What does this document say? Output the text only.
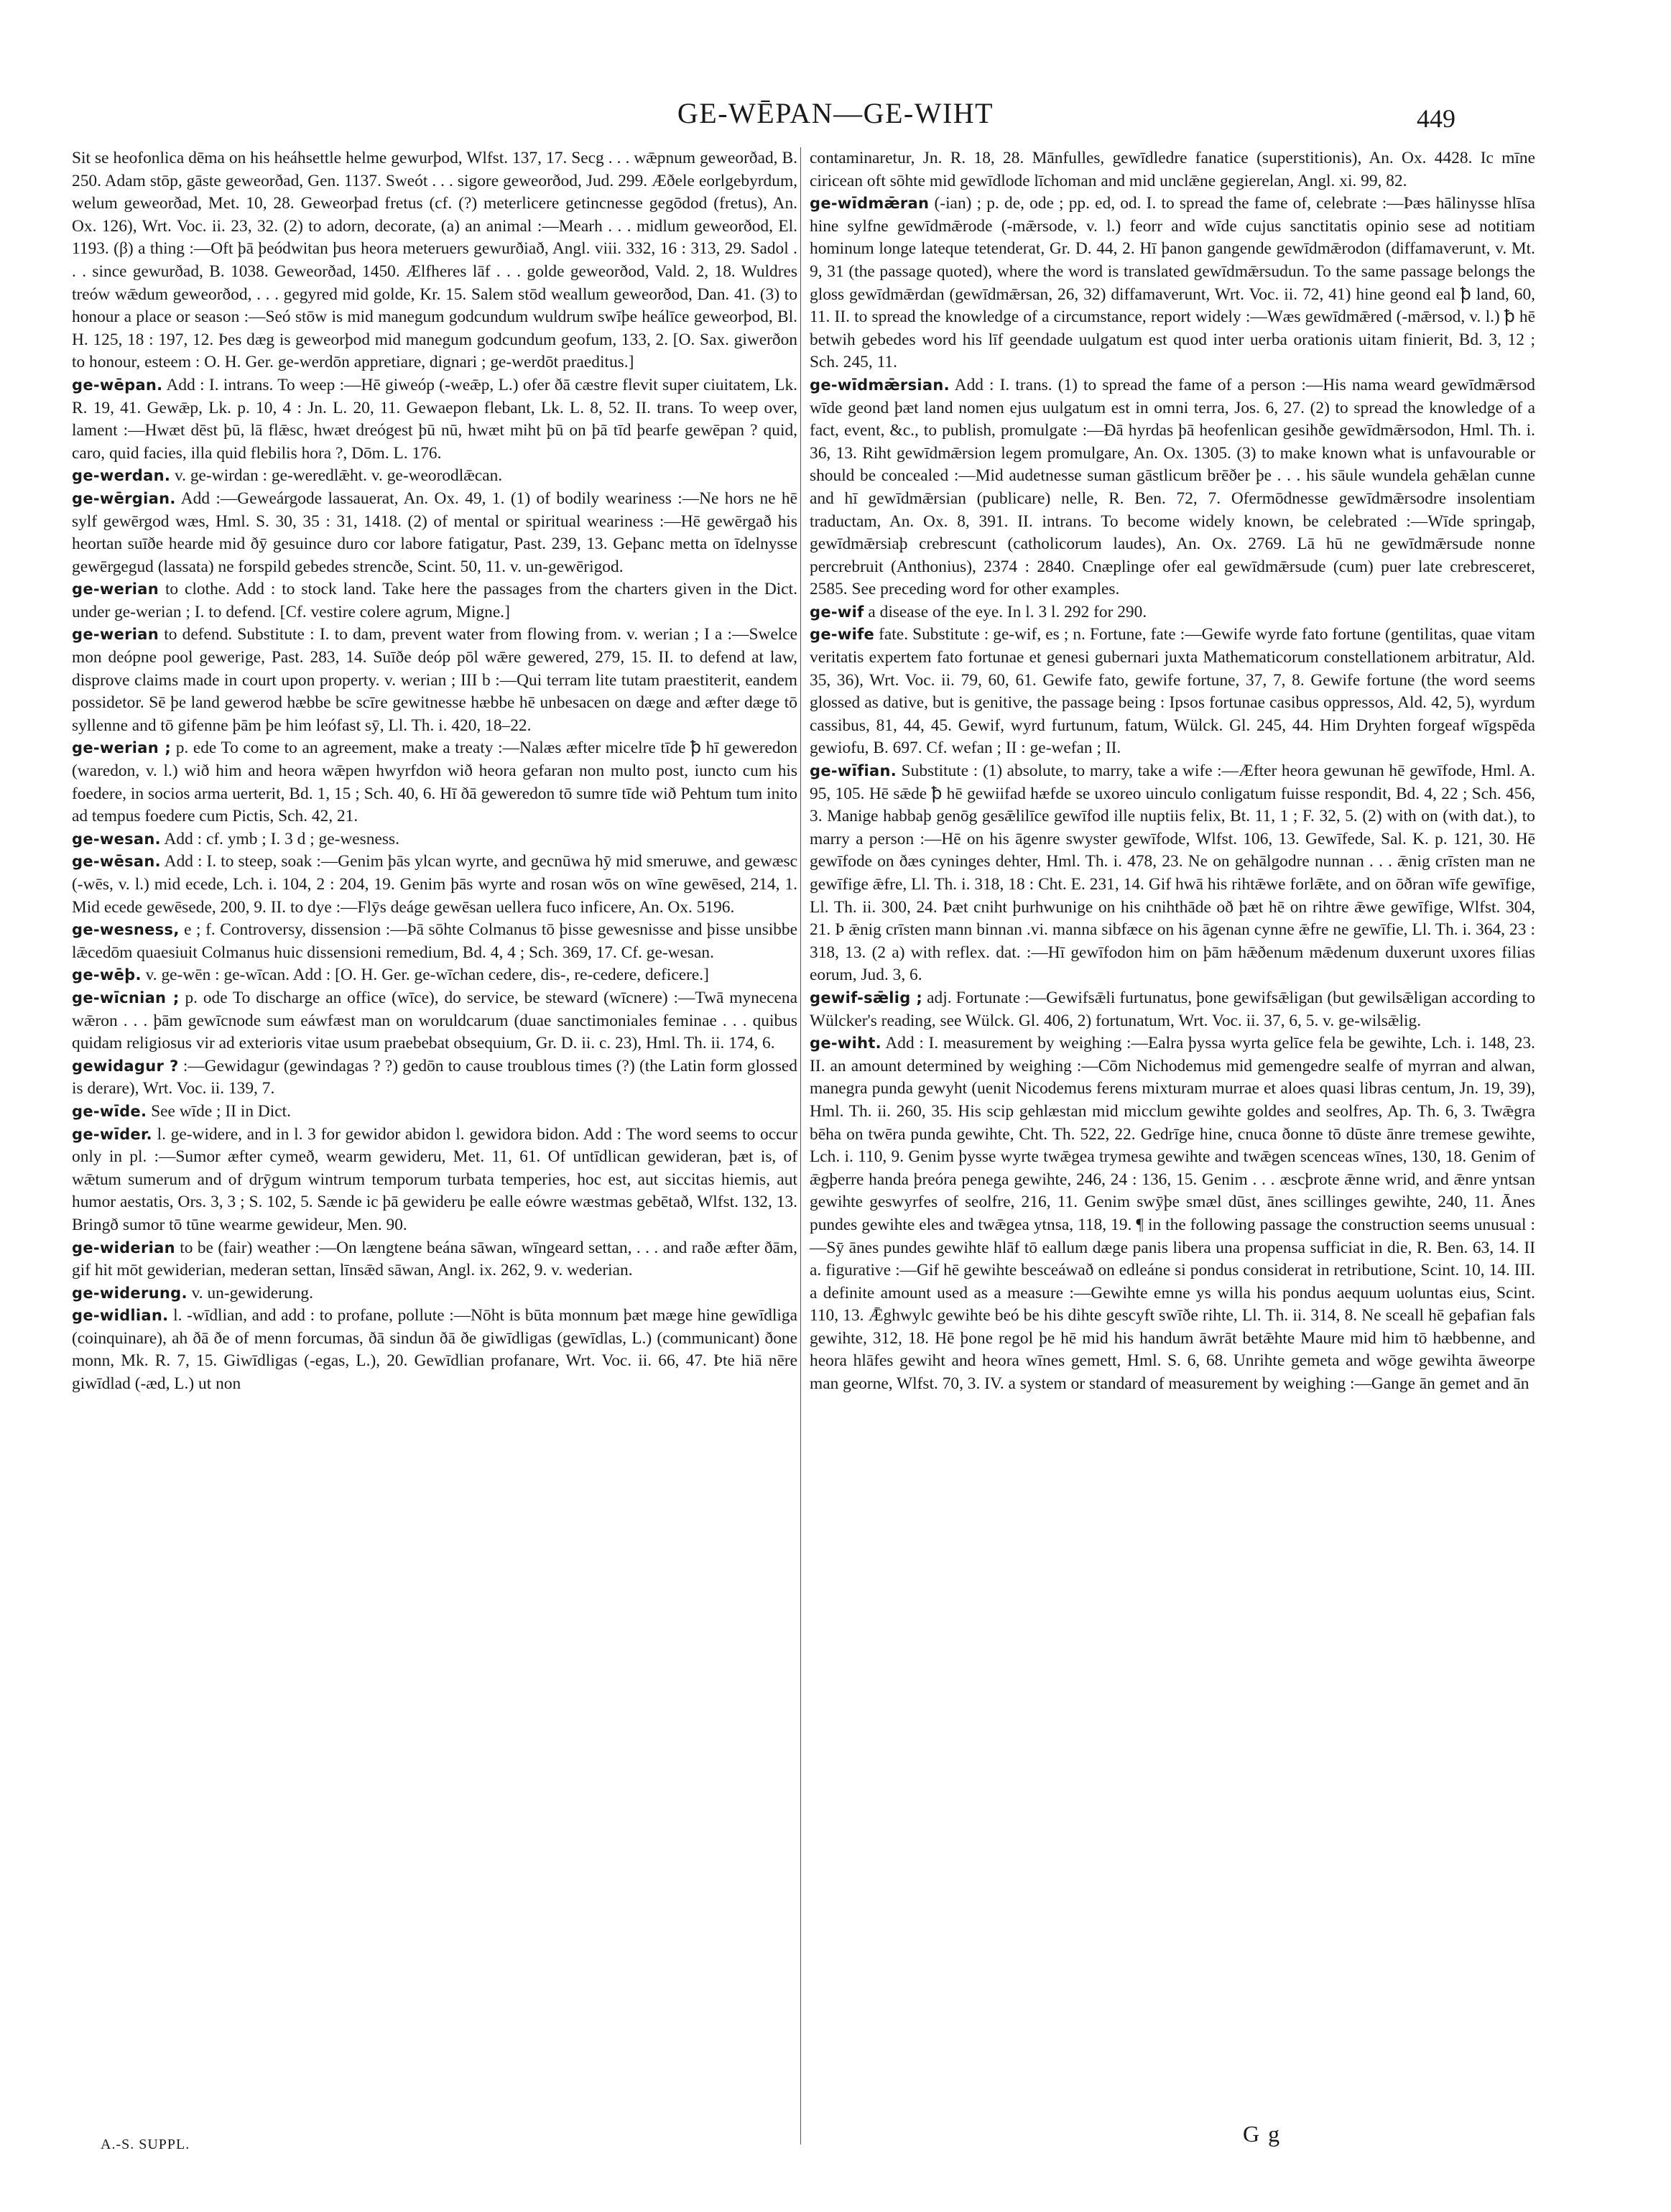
GE-WĒPAN—GE-WIHT	449

Sit se heofonlica dēma on his heáhsettle helme gewurþod, Wlfst. 137, 17. Secg . . . wǣpnum geweorðad, B. 250. Adam stōp, gāste geweorðad, Gen. 1137. Sweót . . . sigore geweorðod, Jud. 299. Æðele eorlgebyrdum, welum geweorðad, Met. 10, 28. Geweorþad fretus (cf. (?) meterlicere getincnesse gegōdod (fretus), An. Ox. 126), Wrt. Voc. ii. 23, 32. (2) to adorn, decorate, (a) an animal :—Mearh . . . midlum geweorðod, El. 1193. (β) a thing :—Oft þā þeódwitan þus heora meteruers gewurðiað, Angl. viii. 332, 16 : 313, 29. Sadol . . . since gewurðad, B. 1038. Geweorðad, 1450. Ælfheres lāf . . . golde geweorðod, Vald. 2, 18. Wuldres treów wǣdum geweorðod, . . . gegyred mid golde, Kr. 15. Salem stōd weallum geweorðod, Dan. 41. (3) to honour a place or season :—Seó stōw is mid manegum godcundum wuldrum swīþe heálīce geweorþod, Bl. H. 125, 18 : 197, 12. Þes dæg is geweorþod mid manegum godcundum geofum, 133, 2. [O. Sax. giwerðon to honour, esteem : O. H. Ger. ge-werdōn appretiare, dignari ; ge-werdōt praeditus.]

ge-wēpan. Add : I. intrans. To weep :—Hē giweóp (-weǣp, L.) ofer ðā cæstre flevit super ciuitatem, Lk. R. 19, 41. Gewǣp, Lk. p. 10, 4 : Jn. L. 20, 11. Gewaepon flebant, Lk. L. 8, 52. II. trans. To weep over, lament :—Hwæt dēst þū, lā flǣsc, hwæt dreógest þū nū, hwæt miht þū on þā tīd þearfe gewēpan ? quid, caro, quid facies, illa quid flebilis hora ?, Dōm. L. 176.

ge-werdan. v. ge-wirdan : ge-weredlǣht. v. ge-weorodlǣcan.

ge-wērgian. Add :—Geweárgode lassauerat, An. Ox. 49, 1. (1) of bodily weariness :—Ne hors ne hē sylf gewērgod wæs, Hml. S. 30, 35 : 31, 1418. (2) of mental or spiritual weariness :—Hē gewērgað his heortan suīðe hearde mid ðȳ gesuince duro cor labore fatigatur, Past. 239, 13. Geþanc metta on īdelnysse gewērgegud (lassata) ne forspild gebedes strencðe, Scint. 50, 11. v. un-gewērigod.

ge-werian to clothe. Add : to stock land. Take here the passages from the charters given in the Dict. under ge-werian ; I. to defend. [Cf. vestire colere agrum, Migne.]

ge-werian to defend. Substitute : I. to dam, prevent water from flowing from. v. werian ; I a :—Swelce mon deópne pool gewerige, Past. 283, 14. Suīðe deóp pōl wǣre gewered, 279, 15. II. to defend at law, disprove claims made in court upon property. v. werian ; III b :—Qui terram lite tutam praestiterit, eandem possidetor. Sē þe land gewerod hæbbe be scīre gewitnesse hæbbe hē unbesacen on dæge and æfter dæge tō syllenne and tō gifenne þām þe him leófast sȳ, Ll. Th. i. 420, 18–22.

ge-werian ; p. ede To come to an agreement, make a treaty :—Nalæs æfter micelre tīde ꝥ hī geweredon (waredon, v. l.) wið him and heora wǣpen hwyrfdon wið heora gefaran non multo post, iuncto cum his foedere, in socios arma uerterit, Bd. 1, 15 ; Sch. 40, 6. Hī ðā geweredon tō sumre tīde wið Pehtum tum inito ad tempus foedere cum Pictis, Sch. 42, 21.

ge-wesan. Add : cf. ymb ; I. 3 d ; ge-wesness.

ge-wēsan. Add : I. to steep, soak :—Genim þās ylcan wyrte, and gecnūwa hȳ mid smeruwe, and gewæsc (-wēs, v. l.) mid ecede, Lch. i. 104, 2 : 204, 19. Genim þās wyrte and rosan wōs on wīne gewēsed, 214, 1. Mid ecede gewēsede, 200, 9. II. to dye :—Flȳs deáge gewēsan uellera fuco inficere, An. Ox. 5196.

ge-wesness, e ; f. Controversy, dissension :—Þā sōhte Colmanus tō þisse gewesnisse and þisse unsibbe lǣcedōm quaesiuit Colmanus huic dissensioni remedium, Bd. 4, 4 ; Sch. 369, 17. Cf. ge-wesan.

ge-wēþ. v. ge-wēn : ge-wīcan. Add : [O. H. Ger. ge-wīchan cedere, dis-, re-cedere, deficere.]

ge-wīcnian ; p. ode To discharge an office (wīce), do service, be steward (wīcnere) :—Twā mynecena wǣron . . . þām gewīcnode sum eáwfæst man on woruldcarum (duae sanctimoniales feminae . . . quibus quidam religiosus vir ad exterioris vitae usum praebebat obsequium, Gr. D. ii. c. 23), Hml. Th. ii. 174, 6.

gewidagur ? :—Gewidagur (gewindagas ? ?) gedōn to cause troublous times (?) (the Latin form glossed is derare), Wrt. Voc. ii. 139, 7.

ge-wīde. See wīde ; II in Dict.

ge-wīder. l. ge-widere, and in l. 3 for gewidor abidon l. gewidora bidon. Add : The word seems to occur only in pl. :—Sumor æfter cymeð, wearm gewideru, Met. 11, 61. Of untīdlican gewideran, þæt is, of wǣtum sumerum and of drȳgum wintrum temporum turbata temperies, hoc est, aut siccitas hiemis, aut humor aestatis, Ors. 3, 3 ; S. 102, 5. Sænde ic þā gewideru þe ealle eówre wæstmas gebētað, Wlfst. 132, 13. Bringð sumor tō tūne wearme gewideur, Men. 90.

ge-widerian to be (fair) weather :—On længtene beána sāwan, wīngeard settan, . . . and raðe æfter ðām, gif hit mōt gewiderian, mederan settan, līnsǣd sāwan, Angl. ix. 262, 9. v. wederian.

ge-widerung. v. un-gewiderung.

ge-widlian. l. -wīdlian, and add : to profane, pollute :—Nōht is būta monnum þæt mæge hine gewīdliga (coinquinare), ah ðā ðe of menn forcumas, ðā sindun ðā ðe giwīdligas (gewīdlas, L.) (communicant) ðone monn, Mk. R. 7, 15. Giwīdligas (-egas, L.), 20. Gewīdlian profanare, Wrt. Voc. ii. 66, 47. Þte hiā nēre giwīdlad (-æd, L.) ut non

contaminaretur, Jn. R. 18, 28. Mānfulles, gewīdledre fanatice (superstitionis), An. Ox. 4428. Ic mīne ciricean oft sōhte mid gewīdlode līchoman and mid unclǣne gegierelan, Angl. xi. 99, 82.

ge-wīdmǣran (-ian) ; p. de, ode ; pp. ed, od. I. to spread the fame of, celebrate :—Þæs hālinysse hlīsa hine sylfne gewīdmǣrode (-mǣrsode, v. l.) feorr and wīde cujus sanctitatis opinio sese ad notitiam hominum longe lateque tetenderat, Gr. D. 44, 2. Hī þanon gangende gewīdmǣrodon (diffamaverunt, v. Mt. 9, 31 (the passage quoted), where the word is translated gewīdmǣrsudun. To the same passage belongs the gloss gewīdmǣrdan (gewīdmǣrsan, 26, 32) diffamaverunt, Wrt. Voc. ii. 72, 41) hine geond eal ꝥ land, 60, 11. II. to spread the knowledge of a circumstance, report widely :—Wæs gewīdmǣred (-mǣrsod, v. l.) ꝥ hē betwih gebedes word his līf geendade uulgatum est quod inter uerba orationis uitam finierit, Bd. 3, 12 ; Sch. 245, 11.

ge-wīdmǣrsian. Add : I. trans. (1) to spread the fame of a person :—His nama weard gewīdmǣrsod wīde geond þæt land nomen ejus uulgatum est in omni terra, Jos. 6, 27. (2) to spread the knowledge of a fact, event, &c., to publish, promulgate :—Ðā hyrdas þā heofenlican gesihðe gewīdmǣrsodon, Hml. Th. i. 36, 13. Riht gewīdmǣrsion legem promulgare, An. Ox. 1305. (3) to make known what is unfavourable or should be concealed :—Mid audetnesse suman gāstlicum brēðer þe . . . his sāule wundela gehǣlan cunne and hī gewīdmǣrsian (publicare) nelle, R. Ben. 72, 7. Ofermōdnesse gewīdmǣrsodre insolentiam traductam, An. Ox. 8, 391. II. intrans. To become widely known, be celebrated :—Wīde springaþ, gewīdmǣrsiaþ crebrescunt (catholicorum laudes), An. Ox. 2769. Lā hū ne gewīdmǣrsude nonne percrebruit (Anthonius), 2374 : 2840. Cnæplinge ofer eal gewīdmǣrsude (cum) puer late crebresceret, 2585. See preceding word for other examples.

ge-wif a disease of the eye. In l. 3 l. 292 for 290.

ge-wife fate. Substitute : ge-wif, es ; n. Fortune, fate :—Gewife wyrde fato fortune (gentilitas, quae vitam veritatis expertem fato fortunae et genesi gubernari juxta Mathematicorum constellationem arbitratur, Ald. 35, 36), Wrt. Voc. ii. 79, 60, 61. Gewife fato, gewife fortune, 37, 7, 8. Gewife fortune (the word seems glossed as dative, but is genitive, the passage being : Ipsos fortunae casibus oppressos, Ald. 42, 5), wyrdum cassibus, 81, 44, 45. Gewif, wyrd furtunum, fatum, Wülck. Gl. 245, 44. Him Dryhten forgeaf wīgspēda gewiofu, B. 697. Cf. wefan ; II : ge-wefan ; II.

ge-wīfian. Substitute : (1) absolute, to marry, take a wife :—Æfter heora gewunan hē gewīfode, Hml. A. 95, 105. Hē sǣde ꝥ hē gewiifad hæfde se uxoreo uinculo conligatum fuisse respondit, Bd. 4, 22 ; Sch. 456, 3. Manige habbaþ genōg gesǣlilīce gewīfod ille nuptiis felix, Bt. 11, 1 ; F. 32, 5. (2) with on (with dat.), to marry a person :—Hē on his āgenre swyster gewīfode, Wlfst. 106, 13. Gewīfede, Sal. K. p. 121, 30. Hē gewīfode on ðæs cyninges dehter, Hml. Th. i. 478, 23. Ne on gehālgodre nunnan . . . ǣnig crīsten man ne gewīfige ǣfre, Ll. Th. i. 318, 18 : Cht. E. 231, 14. Gif hwā his rihtǣwe forlǣte, and on ōðran wīfe gewīfige, Ll. Th. ii. 300, 24. Þæt cniht þurhwunige on his cnihthāde oð þæt hē on rihtre ǣwe gewīfige, Wlfst. 304, 21. Þ ǣnig crīsten mann binnan .vi. manna sibfæce on his āgenan cynne ǣfre ne gewīfie, Ll. Th. i. 364, 23 : 318, 13. (2 a) with reflex. dat. :—Hī gewīfodon him on þām hǣðenum mǣdenum duxerunt uxores filias eorum, Jud. 3, 6.

gewif-sǣlig ; adj. Fortunate :—Gewifsǣli furtunatus, þone gewifsǣligan (but gewilsǣligan according to Wülcker's reading, see Wülck. Gl. 406, 2) fortunatum, Wrt. Voc. ii. 37, 6, 5. v. ge-wilsǣlig.

ge-wiht. Add : I. measurement by weighing :—Ealra þyssa wyrta gelīce fela be gewihte, Lch. i. 148, 23. II. an amount determined by weighing :—Cōm Nichodemus mid gemengedre sealfe of myrran and alwan, manegra punda gewyht (uenit Nicodemus ferens mixturam murrae et aloes quasi libras centum, Jn. 19, 39), Hml. Th. ii. 260, 35. His scip gehlæstan mid micclum gewihte goldes and seolfres, Ap. Th. 6, 3. Twǣgra bēha on twēra punda gewihte, Cht. Th. 522, 22. Gedrīge hine, cnuca ðonne tō dūste ānre tremese gewihte, Lch. i. 110, 9. Genim þysse wyrte twǣgea trymesa gewihte and twǣgen scenceas wīnes, 130, 18. Genim of ǣgþerre handa þreóra penega gewihte, 246, 24 : 136, 15. Genim . . . æscþrote ǣnne wrid, and ǣnre yntsan gewihte geswyrfes of seolfre, 216, 11. Genim swȳþe smæl dūst, ānes scillinges gewihte, 240, 11. Ānes pundes gewihte eles and twǣgea ytnsa, 118, 19. ¶ in the following passage the construction seems unusual :—Sȳ ānes pundes gewihte hlāf tō eallum dæge panis libera una propensa sufficiat in die, R. Ben. 63, 14. II a. figurative :—Gif hē gewihte besceáwað on edleáne si pondus considerat in retributione, Scint. 10, 14. III. a definite amount used as a measure :—Gewihte emne ys willa his pondus aequum uoluntas eius, Scint. 110, 13. Ǣghwylc gewihte beó be his dihte gescyft swīðe rihte, Ll. Th. ii. 314, 8. Ne sceall hē geþafian fals gewihte, 312, 18. Hē þone regol þe hē mid his handum āwrāt betǣhte Maure mid him tō hæbbenne, and heora hlāfes gewiht and heora wīnes gemett, Hml. S. 6, 68. Unrihte gemeta and wōge gewihta āweorpe man georne, Wlfst. 70, 3. IV. a system or standard of measurement by weighing :—Gange ān gemet and ān

A.-S. SUPPL.	G g
